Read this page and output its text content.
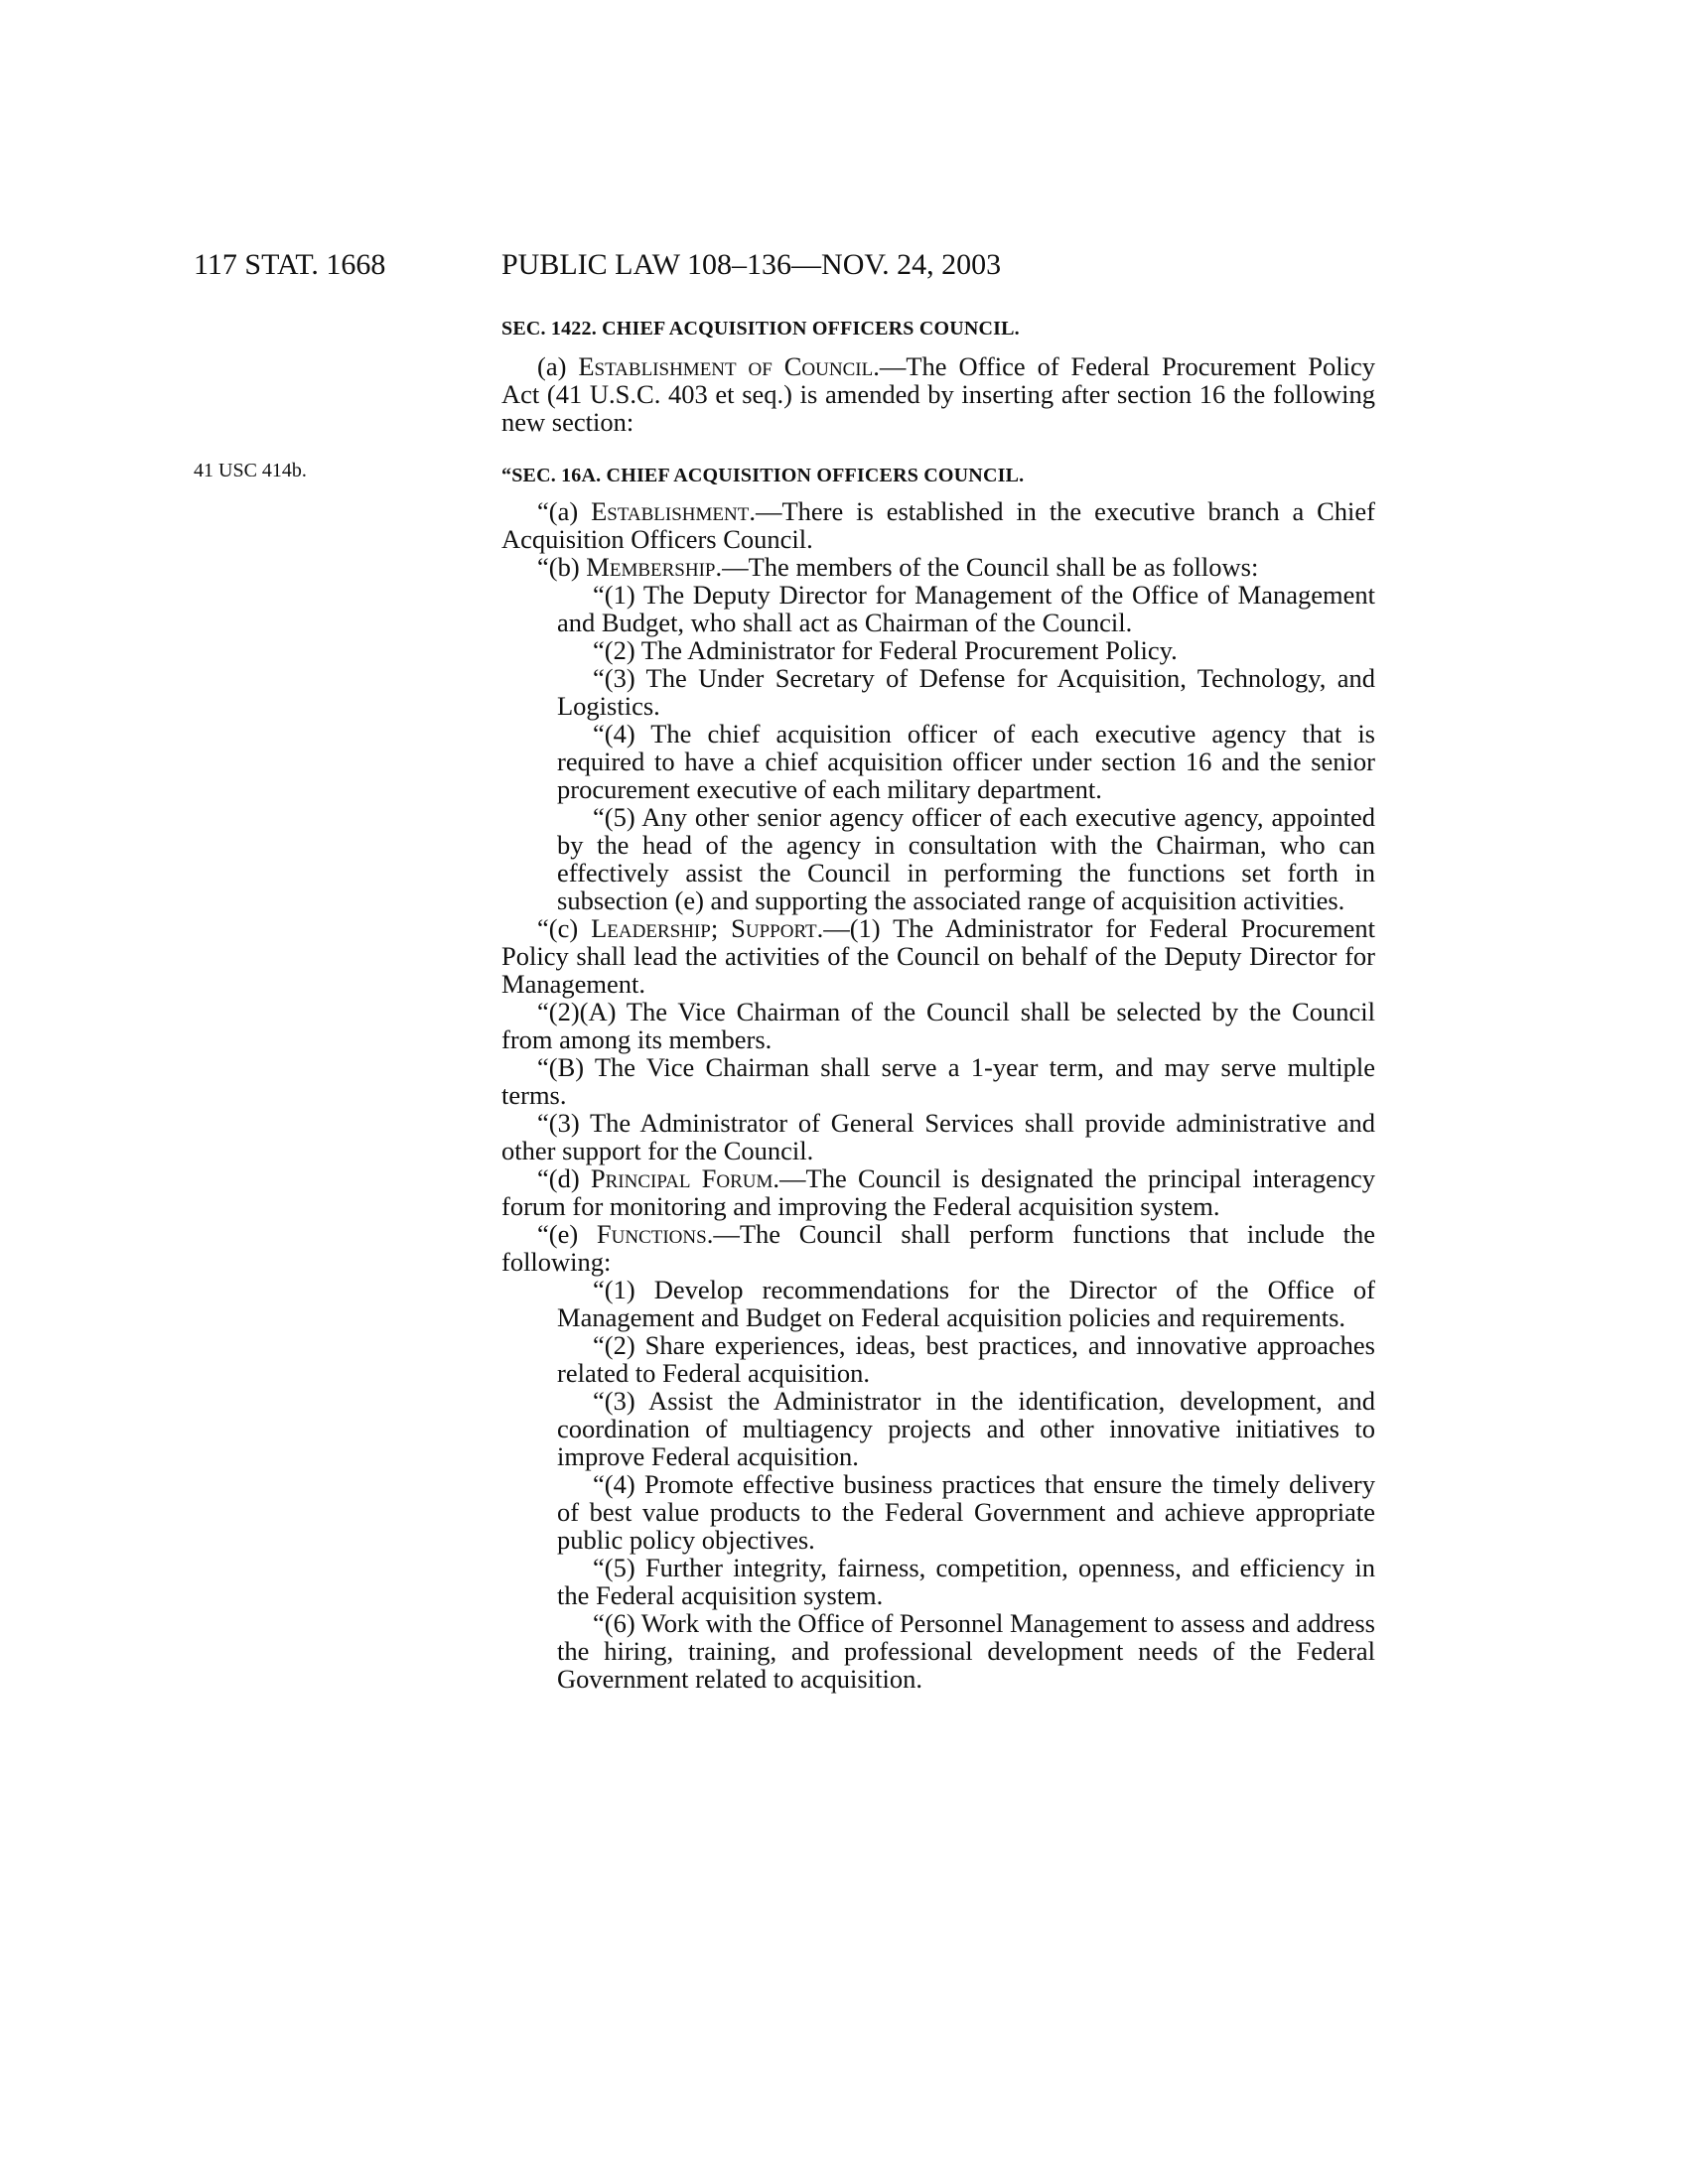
117 STAT. 1668	PUBLIC LAW 108–136—NOV. 24, 2003
41 USC 414b.

SEC. 1422. CHIEF ACQUISITION OFFICERS COUNCIL.

(a) Establishment of Council.—The Office of Federal Procurement Policy Act (41 U.S.C. 403 et seq.) is amended by inserting after section 16 the following new section:

“SEC. 16A. CHIEF ACQUISITION OFFICERS COUNCIL.

“(a) Establishment.—There is established in the executive branch a Chief Acquisition Officers Council.

“(b) Membership.—The members of the Council shall be as follows:

“(1) The Deputy Director for Management of the Office of Management and Budget, who shall act as Chairman of the Council.

“(2) The Administrator for Federal Procurement Policy.

“(3) The Under Secretary of Defense for Acquisition, Technology, and Logistics.

“(4) The chief acquisition officer of each executive agency that is required to have a chief acquisition officer under section 16 and the senior procurement executive of each military department.

“(5) Any other senior agency officer of each executive agency, appointed by the head of the agency in consultation with the Chairman, who can effectively assist the Council in performing the functions set forth in subsection (e) and supporting the associated range of acquisition activities.

“(c) Leadership; Support.—(1) The Administrator for Federal Procurement Policy shall lead the activities of the Council on behalf of the Deputy Director for Management.

“(2)(A) The Vice Chairman of the Council shall be selected by the Council from among its members.

“(B) The Vice Chairman shall serve a 1-year term, and may serve multiple terms.

“(3) The Administrator of General Services shall provide administrative and other support for the Council.

“(d) Principal Forum.—The Council is designated the principal interagency forum for monitoring and improving the Federal acquisition system.

“(e) Functions.—The Council shall perform functions that include the following:

“(1) Develop recommendations for the Director of the Office of Management and Budget on Federal acquisition policies and requirements.

“(2) Share experiences, ideas, best practices, and innovative approaches related to Federal acquisition.

“(3) Assist the Administrator in the identification, development, and coordination of multiagency projects and other innovative initiatives to improve Federal acquisition.

“(4) Promote effective business practices that ensure the timely delivery of best value products to the Federal Government and achieve appropriate public policy objectives.

“(5) Further integrity, fairness, competition, openness, and efficiency in the Federal acquisition system.

“(6) Work with the Office of Personnel Management to assess and address the hiring, training, and professional development needs of the Federal Government related to acquisition.
